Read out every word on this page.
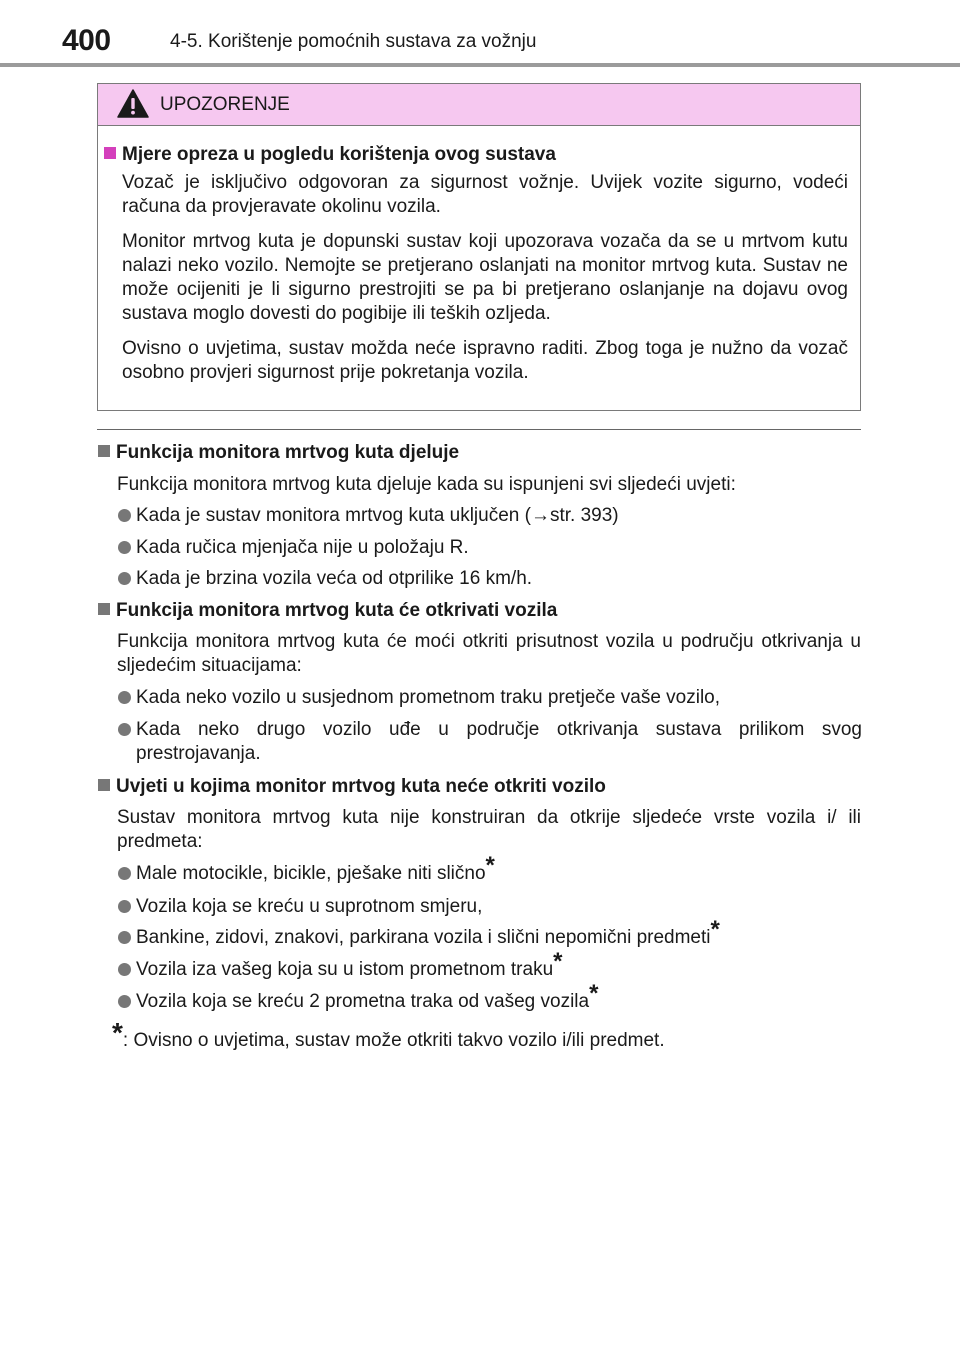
400	4-5. Korištenje pomoćnih sustava za vožnju
UPOZORENJE
Mjere opreza u pogledu korištenja ovog sustava
Vozač je isključivo odgovoran za sigurnost vožnje. Uvijek vozite sigurno, vodeći računa da provjeravate okolinu vozila.
Monitor mrtvog kuta je dopunski sustav koji upozorava vozača da se u mrtvom kutu nalazi neko vozilo. Nemojte se pretjerano oslanjati na monitor mrtvog kuta. Sustav ne može ocijeniti je li sigurno prestrojiti se pa bi pretjerano oslanjanje na dojavu ovog sustava moglo dovesti do pogibije ili teških ozljeda.
Ovisno o uvjetima, sustav možda neće ispravno raditi. Zbog toga je nužno da vozač osobno provjeri sigurnost prije pokretanja vozila.
Funkcija monitora mrtvog kuta djeluje
Funkcija monitora mrtvog kuta djeluje kada su ispunjeni svi sljedeći uvjeti:
Kada je sustav monitora mrtvog kuta uključen (→str. 393)
Kada ručica mjenjača nije u položaju R.
Kada je brzina vozila veća od otprilike 16 km/h.
Funkcija monitora mrtvog kuta će otkrivati vozila
Funkcija monitora mrtvog kuta će moći otkriti prisutnost vozila u području otkrivanja u sljedećim situacijama:
Kada neko vozilo u susjednom prometnom traku pretječe vaše vozilo,
Kada neko drugo vozilo uđe u područje otkrivanja sustava prilikom svog prestrojavanja.
Uvjeti u kojima monitor mrtvog kuta neće otkriti vozilo
Sustav monitora mrtvog kuta nije konstruiran da otkrije sljedeće vrste vozila i/ ili predmeta:
Male motocikle, bicikle, pješake niti slično*
Vozila koja se kreću u suprotnom smjeru,
Bankine, zidovi, znakovi, parkirana vozila i slični nepomični predmeti*
Vozila iza vašeg koja su u istom prometnom traku*
Vozila koja se kreću 2 prometna traka od vašeg vozila*
*: Ovisno o uvjetima, sustav može otkriti takvo vozilo i/ili predmet.
